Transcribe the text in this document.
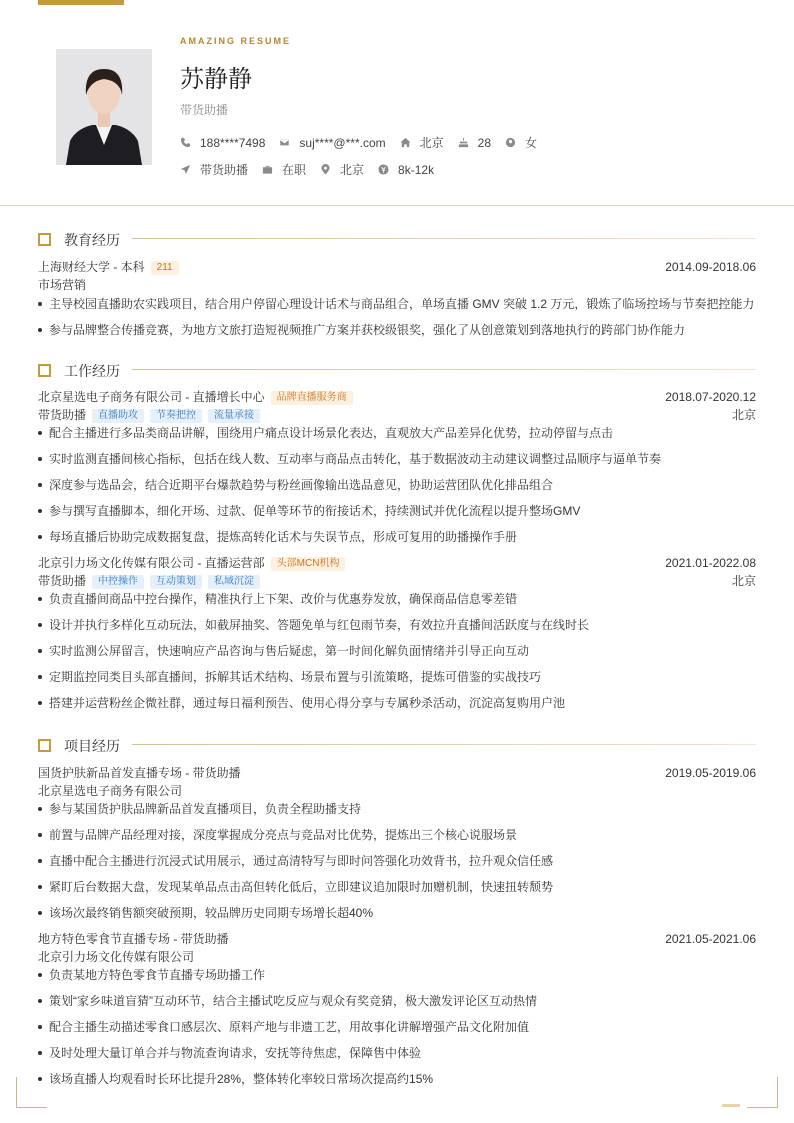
AMAZING RESUME
苏静静
带货助播
188****7498	suj****@***.com	北京	28	女
带货助播	在职	北京	8k-12k
教育经历
上海财经大学 - 本科 211	2014.09-2018.06
市场营销
主导校园直播助农实践项目，结合用户停留心理设计话术与商品组合，单场直播 GMV 突破 1.2 万元，锻炼了临场控场与节奏把控能力
参与品牌整合传播竞赛，为地方文旅打造短视频推广方案并获校级银奖，强化了从创意策划到落地执行的跨部门协作能力
工作经历
北京星选电子商务有限公司 - 直播增长中心 品牌直播服务商	2018.07-2020.12
带货助播 直播助攻 节奏把控 流量承接	北京
配合主播进行多品类商品讲解，围绕用户痛点设计场景化表达，直观放大产品差异化优势，拉动停留与点击
实时监测直播间核心指标，包括在线人数、互动率与商品点击转化，基于数据波动主动建议调整过品顺序与逼单节奏
深度参与选品会，结合近期平台爆款趋势与粉丝画像输出选品意见，协助运营团队优化排品组合
参与撰写直播脚本，细化开场、过款、促单等环节的衔接话术，持续测试并优化流程以提升整场GMV
每场直播后协助完成数据复盘，提炼高转化话术与失误节点，形成可复用的助播操作手册
北京引力场文化传媒有限公司 - 直播运营部 头部MCN机构	2021.01-2022.08
带货助播 中控操作 互动策划 私域沉淀	北京
负责直播间商品中控台操作，精准执行上下架、改价与优惠券发放，确保商品信息零差错
设计并执行多样化互动玩法，如截屏抽奖、答题免单与红包雨节奏，有效拉升直播间活跃度与在线时长
实时监测公屏留言，快速响应产品咨询与售后疑虑，第一时间化解负面情绪并引导正向互动
定期监控同类目头部直播间，拆解其话术结构、场景布置与引流策略，提炼可借鉴的实战技巧
搭建并运营粉丝企微社群，通过每日福利预告、使用心得分享与专属秒杀活动，沉淀高复购用户池
项目经历
国货护肤新品首发直播专场 - 带货助播	2019.05-2019.06
北京星选电子商务有限公司
参与某国货护肤品牌新品首发直播项目，负责全程助播支持
前置与品牌产品经理对接，深度掌握成分亮点与竞品对比优势，提炼出三个核心说服场景
直播中配合主播进行沉浸式试用展示，通过高清特写与即时问答强化功效背书，拉升观众信任感
紧盯后台数据大盘，发现某单品点击高但转化低后，立即建议追加限时加赠机制，快速扭转颓势
该场次最终销售额突破预期，较品牌历史同期专场增长超40%
地方特色零食节直播专场 - 带货助播	2021.05-2021.06
北京引力场文化传媒有限公司
负责某地方特色零食节直播专场助播工作
策划“家乡味道盲猜”互动环节，结合主播试吃反应与观众有奖竞猜，极大激发评论区互动热情
配合主播生动描述零食口感层次、原料产地与非遗工艺，用故事化讲解增强产品文化附加值
及时处理大量订单合并与物流查询请求，安抚等待焦虑，保障售中体验
该场直播人均观看时长环比提升28%，整体转化率较日常场次提高约15%
